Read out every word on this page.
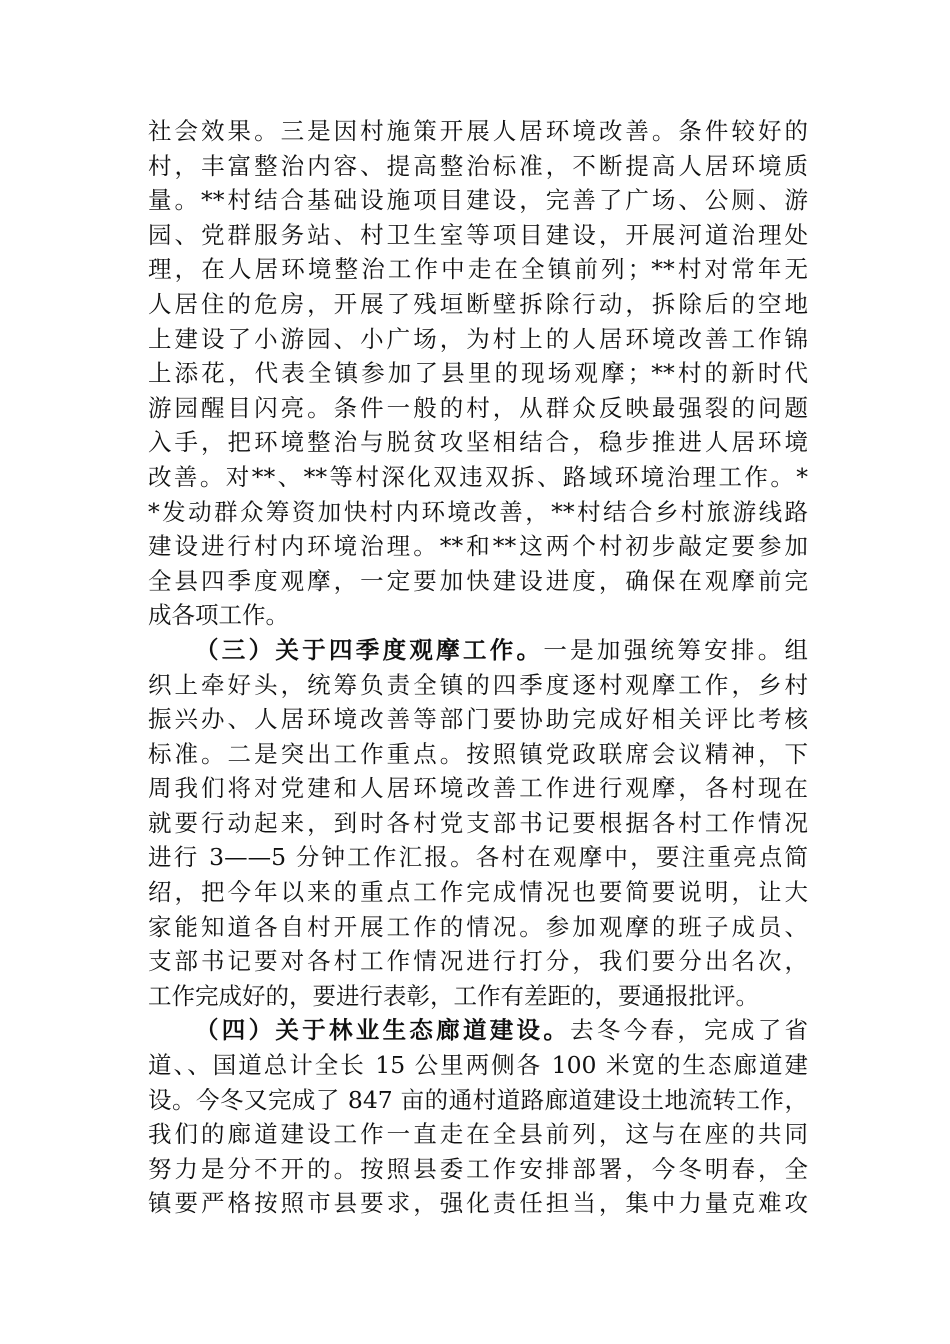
社会效果。三是因村施策开展人居环境改善。条件较好的
村，丰富整治内容、提高整治标准，不断提高人居环境质
量。**村结合基础设施项目建设，完善了广场、公厕、游
园、党群服务站、村卫生室等项目建设，开展河道治理处
理，在人居环境整治工作中走在全镇前列；**村对常年无
人居住的危房，开展了残垣断壁拆除行动，拆除后的空地
上建设了小游园、小广场，为村上的人居环境改善工作锦
上添花，代表全镇参加了县里的现场观摩；**村的新时代
游园醒目闪亮。条件一般的村，从群众反映最强裂的问题
入手，把环境整治与脱贫攻坚相结合，稳步推进人居环境
改善。对**、**等村深化双违双拆、路域环境治理工作。*
*发动群众筹资加快村内环境改善，**村结合乡村旅游线路
建设进行村内环境治理。**和**这两个村初步敲定要参加
全县四季度观摩，一定要加快建设进度，确保在观摩前完
成各项工作。
（三）关于四季度观摩工作。一是加强统筹安排。组
织上牵好头，统筹负责全镇的四季度逐村观摩工作，乡村
振兴办、人居环境改善等部门要协助完成好相关评比考核
标准。二是突出工作重点。按照镇党政联席会议精神，下
周我们将对党建和人居环境改善工作进行观摩，各村现在
就要行动起来，到时各村党支部书记要根据各村工作情况
进行 3——5 分钟工作汇报。各村在观摩中，要注重亮点简
绍，把今年以来的重点工作完成情况也要简要说明，让大
家能知道各自村开展工作的情况。参加观摩的班子成员、
支部书记要对各村工作情况进行打分，我们要分出名次，
工作完成好的，要进行表彰，工作有差距的，要通报批评。
（四）关于林业生态廊道建设。去冬今春，完成了省
道、、国道总计全长 15 公里两侧各 100 米宽的生态廊道建
设。今冬又完成了 847 亩的通村道路廊道建设土地流转工作，
我们的廊道建设工作一直走在全县前列，这与在座的共同
努力是分不开的。按照县委工作安排部署，今冬明春，全
镇要严格按照市县要求，强化责任担当，集中力量克难攻
